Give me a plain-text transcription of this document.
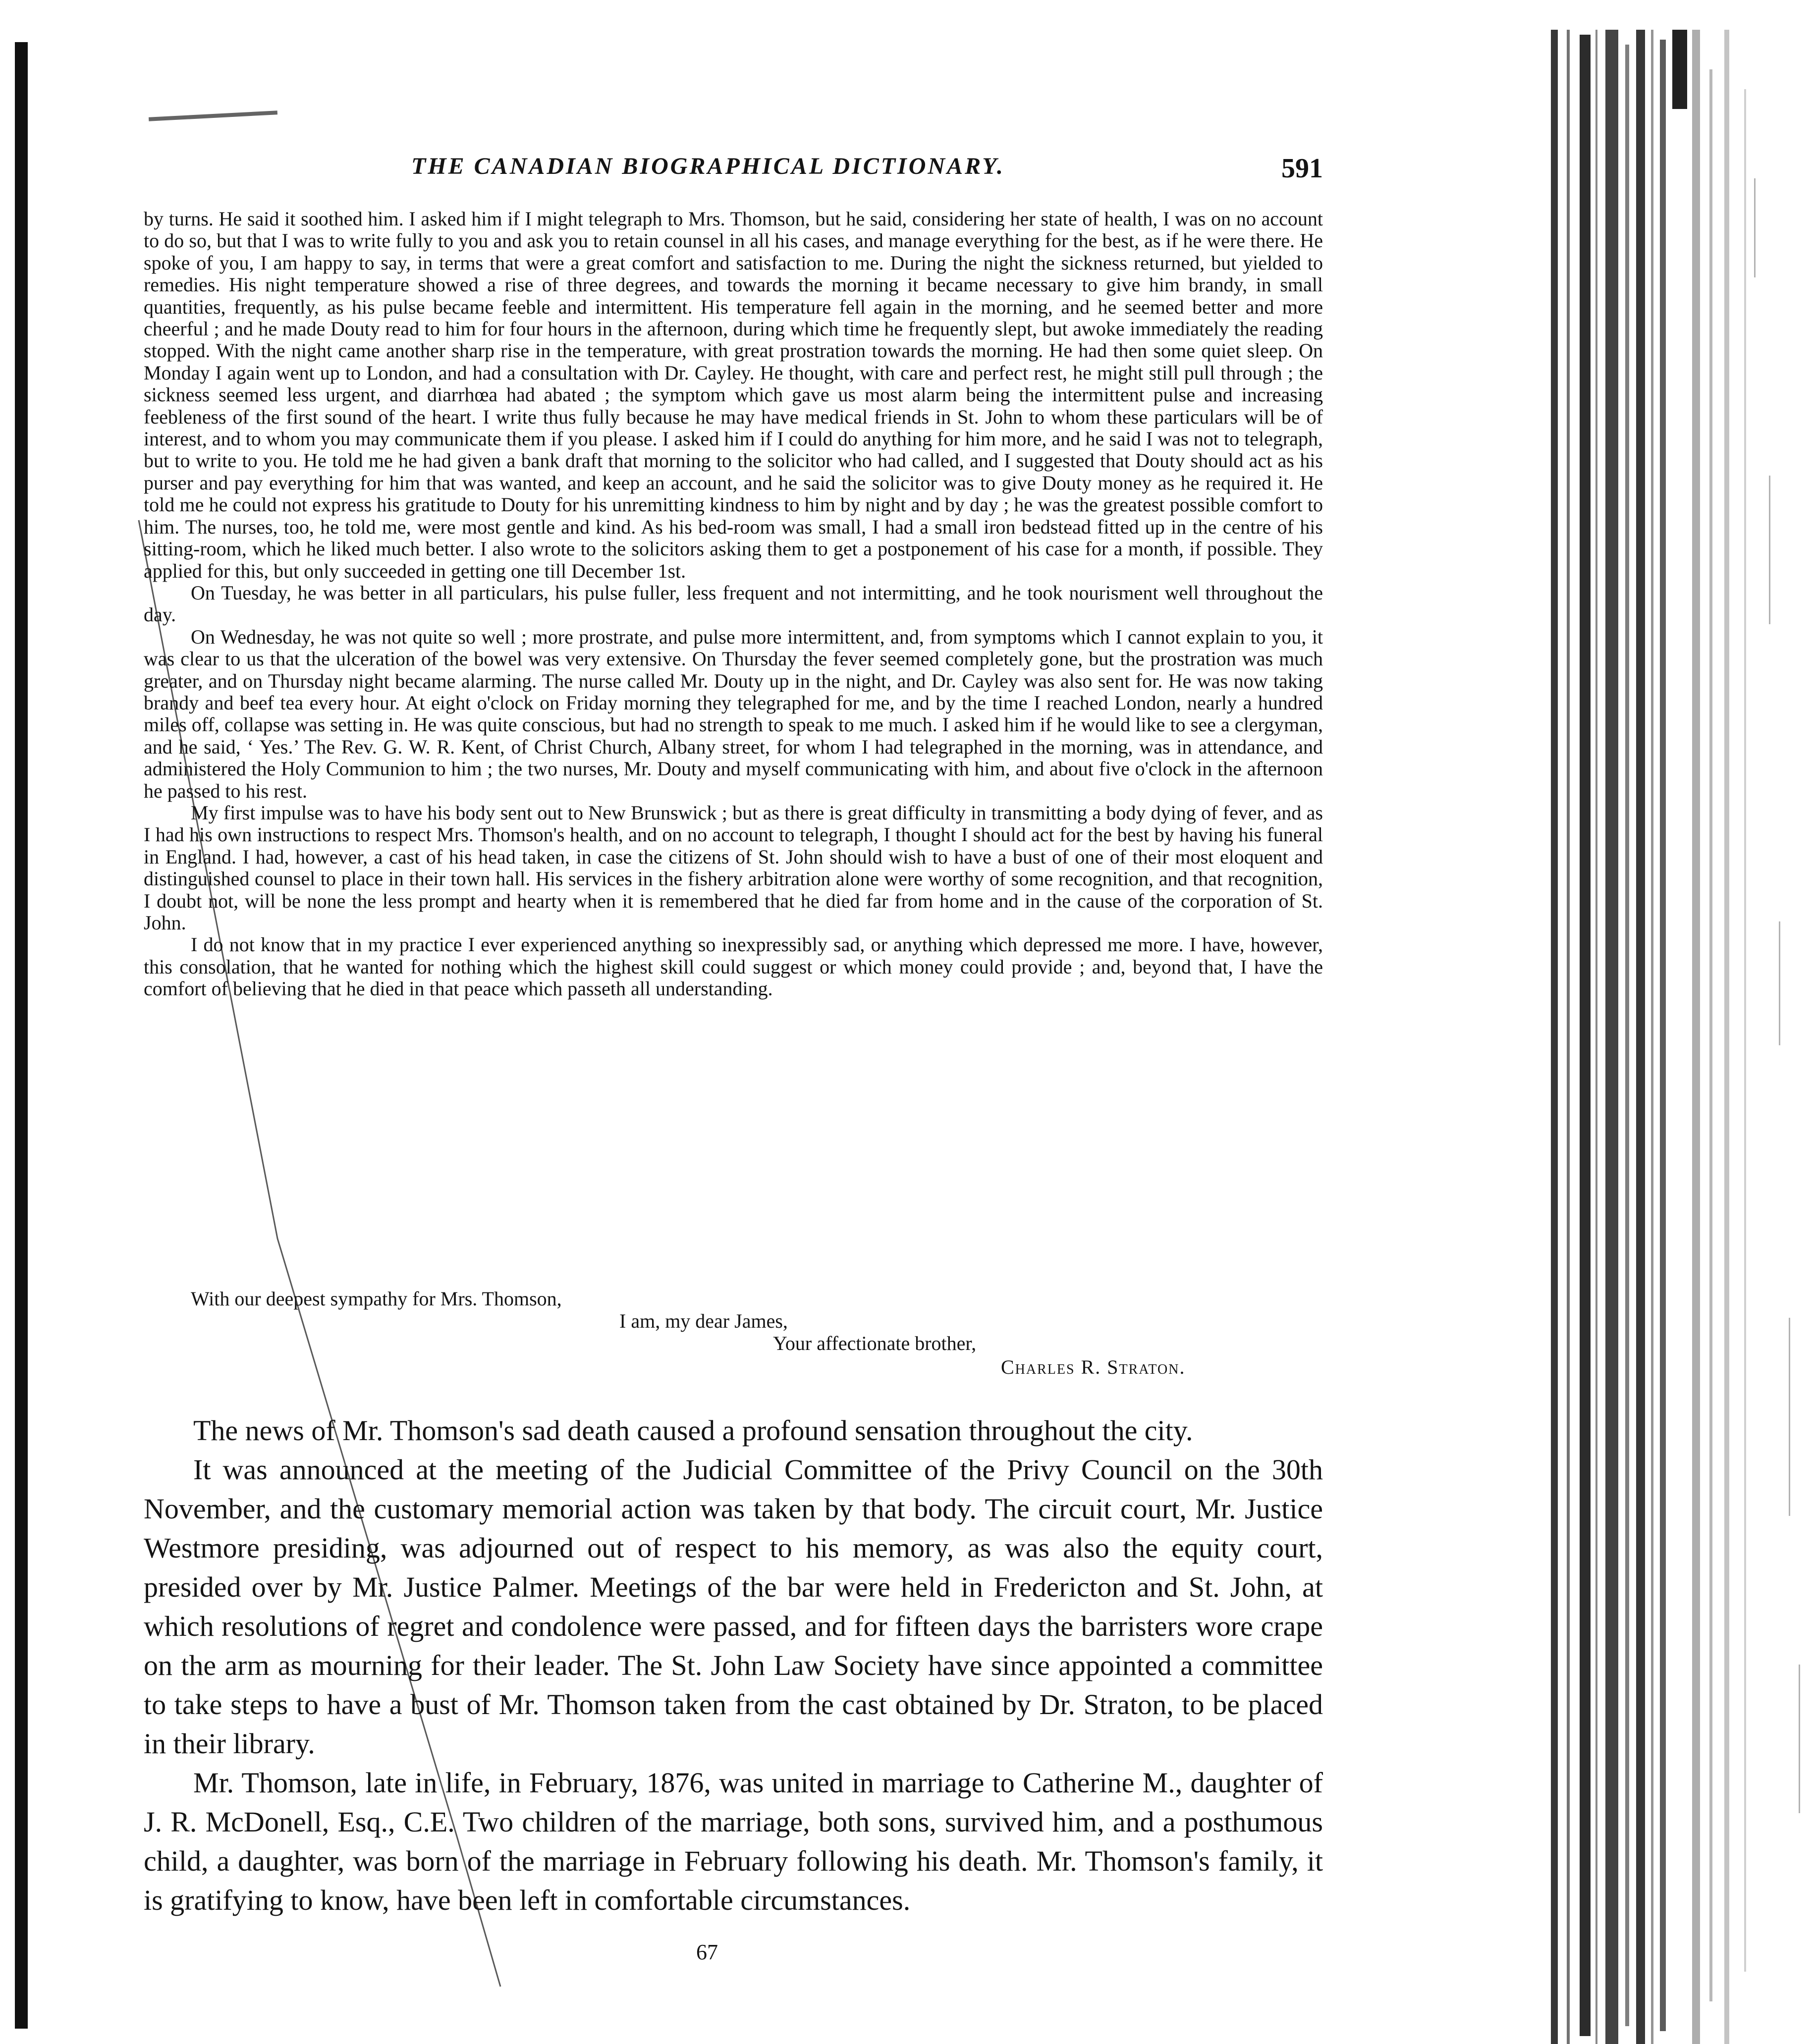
THE CANADIAN BIOGRAPHICAL DICTIONARY.	591

by turns. He said it soothed him. I asked him if I might telegraph to Mrs. Thomson, but he said, considering her state of health, I was on no account to do so, but that I was to write fully to you and ask you to retain counsel in all his cases, and manage everything for the best, as if he were there. He spoke of you, I am happy to say, in terms that were a great comfort and satisfaction to me. During the night the sickness returned, but yielded to remedies. His night temperature showed a rise of three degrees, and towards the morning it became necessary to give him brandy, in small quantities, frequently, as his pulse became feeble and intermittent. His temperature fell again in the morning, and he seemed better and more cheerful ; and he made Douty read to him for four hours in the afternoon, during which time he frequently slept, but awoke immediately the reading stopped. With the night came another sharp rise in the temperature, with great prostration towards the morning. He had then some quiet sleep. On Monday I again went up to London, and had a consultation with Dr. Cayley. He thought, with care and perfect rest, he might still pull through ; the sickness seemed less urgent, and diarrhœa had abated ; the symptom which gave us most alarm being the intermittent pulse and increasing feebleness of the first sound of the heart. I write thus fully because he may have medical friends in St. John to whom these particulars will be of interest, and to whom you may communicate them if you please. I asked him if I could do anything for him more, and he said I was not to telegraph, but to write to you. He told me he had given a bank draft that morning to the solicitor who had called, and I suggested that Douty should act as his purser and pay everything for him that was wanted, and keep an account, and he said the solicitor was to give Douty money as he required it. He told me he could not express his gratitude to Douty for his unremitting kindness to him by night and by day ; he was the greatest possible comfort to him. The nurses, too, he told me, were most gentle and kind. As his bed-room was small, I had a small iron bedstead fitted up in the centre of his sitting-room, which he liked much better. I also wrote to the solicitors asking them to get a postponement of his case for a month, if possible. They applied for this, but only succeeded in getting one till December 1st.

On Tuesday, he was better in all particulars, his pulse fuller, less frequent and not intermitting, and he took nourisment well throughout the day.

On Wednesday, he was not quite so well ; more prostrate, and pulse more intermittent, and, from symptoms which I cannot explain to you, it was clear to us that the ulceration of the bowel was very extensive. On Thursday the fever seemed completely gone, but the prostration was much greater, and on Thursday night became alarming. The nurse called Mr. Douty up in the night, and Dr. Cayley was also sent for. He was now taking brandy and beef tea every hour. At eight o'clock on Friday morning they telegraphed for me, and by the time I reached London, nearly a hundred miles off, collapse was setting in. He was quite conscious, but had no strength to speak to me much. I asked him if he would like to see a clergyman, and he said, ‘ Yes.’ The Rev. G. W. R. Kent, of Christ Church, Albany street, for whom I had telegraphed in the morning, was in attendance, and administered the Holy Communion to him ; the two nurses, Mr. Douty and myself communicating with him, and about five o'clock in the afternoon he passed to his rest.

My first impulse was to have his body sent out to New Brunswick ; but as there is great difficulty in transmitting a body dying of fever, and as I had his own instructions to respect Mrs. Thomson's health, and on no account to telegraph, I thought I should act for the best by having his funeral in England. I had, however, a cast of his head taken, in case the citizens of St. John should wish to have a bust of one of their most eloquent and distinguished counsel to place in their town hall. His services in the fishery arbitration alone were worthy of some recognition, and that recognition, I doubt not, will be none the less prompt and hearty when it is remembered that he died far from home and in the cause of the corporation of St. John.

I do not know that in my practice I ever experienced anything so inexpressibly sad, or anything which depressed me more. I have, however, this consolation, that he wanted for nothing which the highest skill could suggest or which money could provide ; and, beyond that, I have the comfort of believing that he died in that peace which passeth all understanding.

With our deepest sympathy for Mrs. Thomson,
I am, my dear James,
Your affectionate brother,
Charles R. Straton.

The news of Mr. Thomson's sad death caused a profound sensation throughout the city.

It was announced at the meeting of the Judicial Committee of the Privy Council on the 30th November, and the customary memorial action was taken by that body. The circuit court, Mr. Justice Westmore presiding, was adjourned out of respect to his memory, as was also the equity court, presided over by Mr. Justice Palmer. Meetings of the bar were held in Fredericton and St. John, at which resolutions of regret and condolence were passed, and for fifteen days the barristers wore crape on the arm as mourning for their leader. The St. John Law Society have since appointed a committee to take steps to have a bust of Mr. Thomson taken from the cast obtained by Dr. Straton, to be placed in their library.

Mr. Thomson, late in life, in February, 1876, was united in marriage to Catherine M., daughter of J. R. McDonell, Esq., C.E. Two children of the marriage, both sons, survived him, and a posthumous child, a daughter, was born of the marriage in February following his death. Mr. Thomson's family, it is gratifying to know, have been left in comfortable circumstances.

67
